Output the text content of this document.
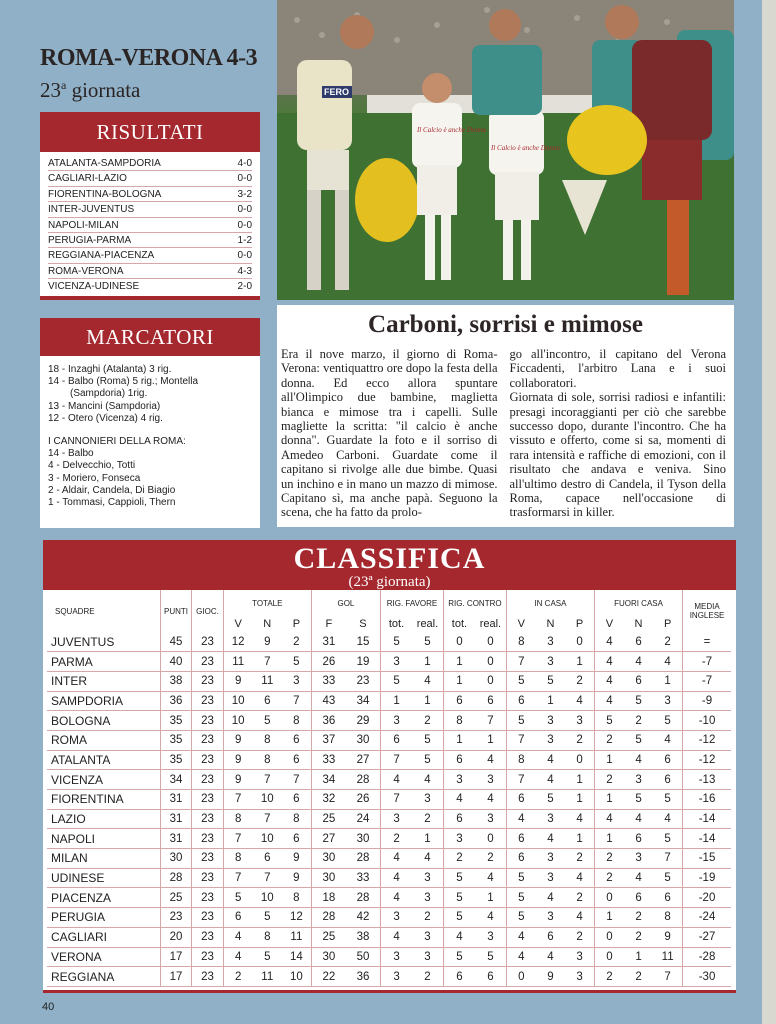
ROMA-VERONA 4-3
23$^a$ giornata	FERO
Il Calcio è anche Donna
Il Calcio è anche Donna
RISULTATI
ATALANTA-SAMPDORIA	4-0
CAGLIARI-LAZIO	0-0
FIORENTINA-BOLOGNA	3-2
INTER-JUVENTUS	0-0
NAPOLI-MILAN	0-0
PERUGIA-PARMA	1-2
REGGIANA-PIACENZA	0-0
ROMA-VERONA	4-3
VICENZA-UDINESE	2-0
MARCATORI
18 - Inzaghi (Atalanta) 3 rig.
14 - Balbo (Roma) 5 rig.; Montella
(Sampdoria) 1rig.
13 - Mancini (Sampdoria)
12 - Otero (Vicenza) 4 rig.
I CANNONIERI DELLA ROMA:
14 - Balbo
4 - Delvecchio, Totti
3 - Moriero, Fonseca
2 - Aldair, Candela, Di Biagio
1 - Tommasi, Cappioli, Thern
Carboni, sorrisi e mimose

Era il nove marzo, il giorno di Roma-Verona: ventiquattro ore dopo la festa della donna. Ed ecco allora spuntare all'Olimpico due bambine, maglietta bianca e mimose tra i capelli. Sulle magliette la scritta: "il calcio è anche donna". Guardate la foto e il sorriso di Amedeo Carboni. Guardate come il capitano si rivolge alle due bimbe. Quasi un inchino e in mano un mazzo di mimose. Capitano sì, ma anche papà. Seguono la scena, che ha fatto da prolo-

go all'incontro, il capitano del Verona Ficcadenti, l'arbitro Lana e i suoi collaboratori.

Giornata di sole, sorrisi radiosi e infantili: presagi incoraggianti per ciò che sarebbe successo dopo, durante l'incontro. Che ha vissuto e offerto, come si sa, momenti di rara intensità e raffiche di emozioni, con il risultato che andava e veniva. Sino all'ultimo destro di Candela, il Tyson della Roma, capace nell'occasione di trasformarsi in killer.

CLASSIFICA
(23ª giornata)
SQUADRE	PUNTI	GIOC.	TOTALE			GOL		RIG. FAVORE		RIG. CONTRO		IN CASA			FUORI CASA			MEDIA INGLESE
			V	N	P	F	S	tot.	real.	tot.	real.	V	N	P	V	N	P	
JUVENTUS	45	23	12	9	2	31	15	5	5	0	0	8	3	0	4	6	2	=
PARMA	40	23	11	7	5	26	19	3	1	1	0	7	3	1	4	4	4	-7
INTER	38	23	9	11	3	33	23	5	4	1	0	5	5	2	4	6	1	-7
SAMPDORIA	36	23	10	6	7	43	34	1	1	6	6	6	1	4	4	5	3	-9
BOLOGNA	35	23	10	5	8	36	29	3	2	8	7	5	3	3	5	2	5	-10
ROMA	35	23	9	8	6	37	30	6	5	1	1	7	3	2	2	5	4	-12
ATALANTA	35	23	9	8	6	33	27	7	5	6	4	8	4	0	1	4	6	-12
VICENZA	34	23	9	7	7	34	28	4	4	3	3	7	4	1	2	3	6	-13
FIORENTINA	31	23	7	10	6	32	26	7	3	4	4	6	5	1	1	5	5	-16
LAZIO	31	23	8	7	8	25	24	3	2	6	3	4	3	4	4	4	4	-14
NAPOLI	31	23	7	10	6	27	30	2	1	3	0	6	4	1	1	6	5	-14
MILAN	30	23	8	6	9	30	28	4	4	2	2	6	3	2	2	3	7	-15
UDINESE	28	23	7	7	9	30	33	4	3	5	4	5	3	4	2	4	5	-19
PIACENZA	25	23	5	10	8	18	28	4	3	5	1	5	4	2	0	6	6	-20
PERUGIA	23	23	6	5	12	28	42	3	2	5	4	5	3	4	1	2	8	-24
CAGLIARI	20	23	4	8	11	25	38	4	3	4	3	4	6	2	0	2	9	-27
VERONA	17	23	4	5	14	30	50	3	3	5	5	4	4	3	0	1	11	-28
REGGIANA	17	23	2	11	10	22	36	3	2	6	6	0	9	3	2	2	7	-30
40
